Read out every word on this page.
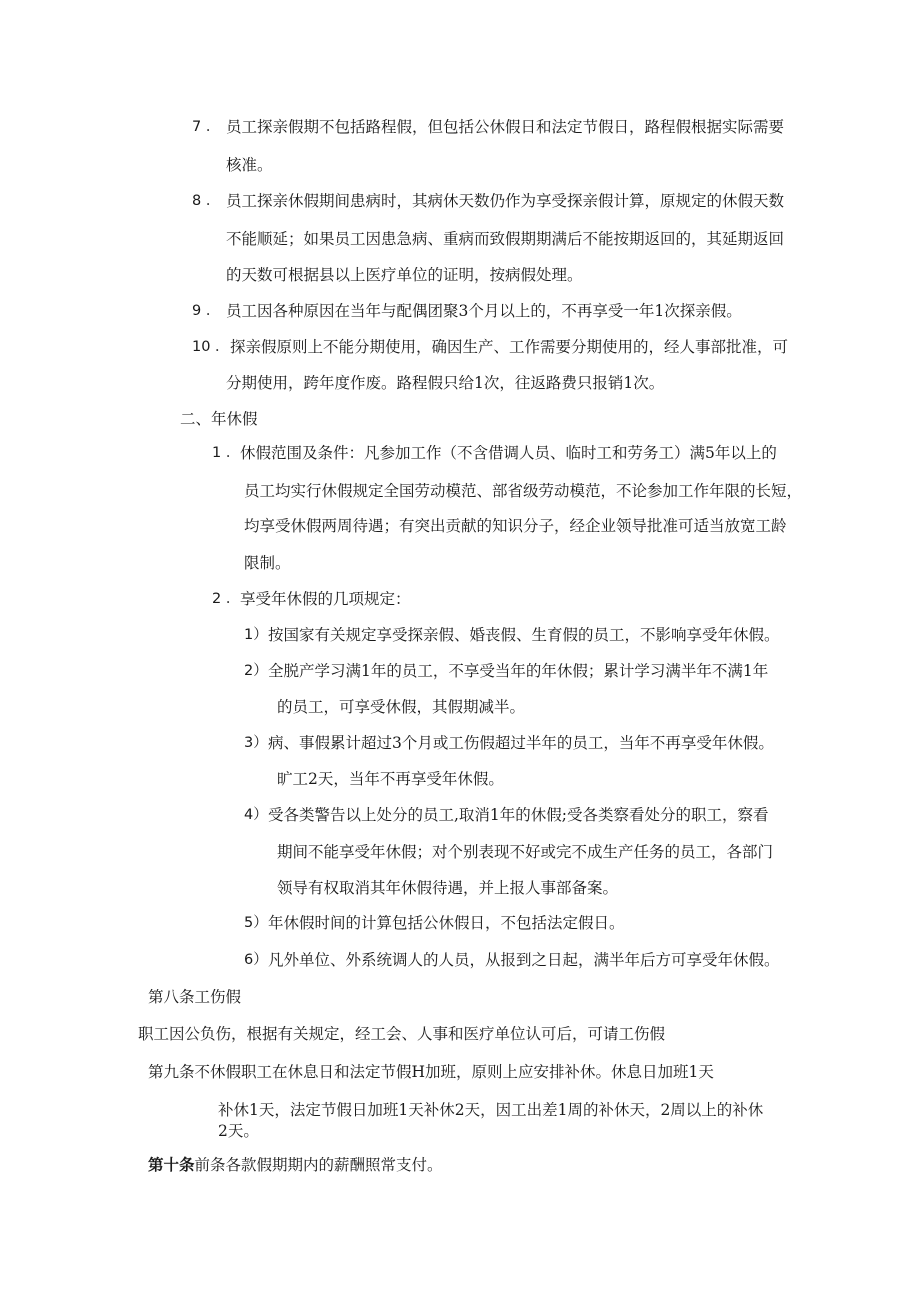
7 ． 员工探亲假期不包括路程假，但包括公休假日和法定节假日，路程假根据实际需要
核准。
8 ． 员工探亲休假期间患病时，其病休天数仍作为享受探亲假计算，原规定的休假天数
不能顺延；如果员工因患急病、重病而致假期期满后不能按期返回的，其延期返回
的天数可根据县以上医疗单位的证明，按病假处理。
9 ． 员工因各种原因在当年与配偶团聚3个月以上的，不再享受一年1次探亲假。
10 ． 探亲假原则上不能分期使用，确因生产、工作需要分期使用的，经人事部批准，可
分期使用，跨年度作废。路程假只给1次，往返路费只报销1次。
二、年休假
1 ． 休假范围及条件：凡参加工作（不含借调人员、临时工和劳务工）满5年以上的
员工均实行休假规定全国劳动模范、部省级劳动模范，不论参加工作年限的长短，
均享受休假两周待遇；有突出贡献的知识分子，经企业领导批准可适当放宽工龄
限制。
2 ． 享受年休假的几项规定：
1） 按国家有关规定享受探亲假、婚丧假、生育假的员工，不影响享受年休假。
2） 全脱产学习满1年的员工，不享受当年的年休假；累计学习满半年不满1年
的员工，可享受休假，其假期减半。
3） 病、事假累计超过3个月或工伤假超过半年的员工，当年不再享受年休假。
旷工2天，当年不再享受年休假。
4） 受各类警告以上处分的员工,取消1年的休假;受各类察看处分的职工，察看
期间不能享受年休假；对个别表现不好或完不成生产任务的员工，各部门
领导有权取消其年休假待遇，并上报人事部备案。
5） 年休假时间的计算包括公休假日，不包括法定假日。
6） 凡外单位、外系统调人的人员，从报到之日起，满半年后方可享受年休假。
第八条工伤假
职工因公负伤，根据有关规定，经工会、人事和医疗单位认可后，可请工伤假
第九条不休假职工在休息日和法定节假H加班，原则上应安排补休。休息日加班1天
补休1天，法定节假日加班1天补休2天，因工出差1周的补休天，2周以上的补休
2天。
第十条前条各款假期期内的薪酬照常支付。
